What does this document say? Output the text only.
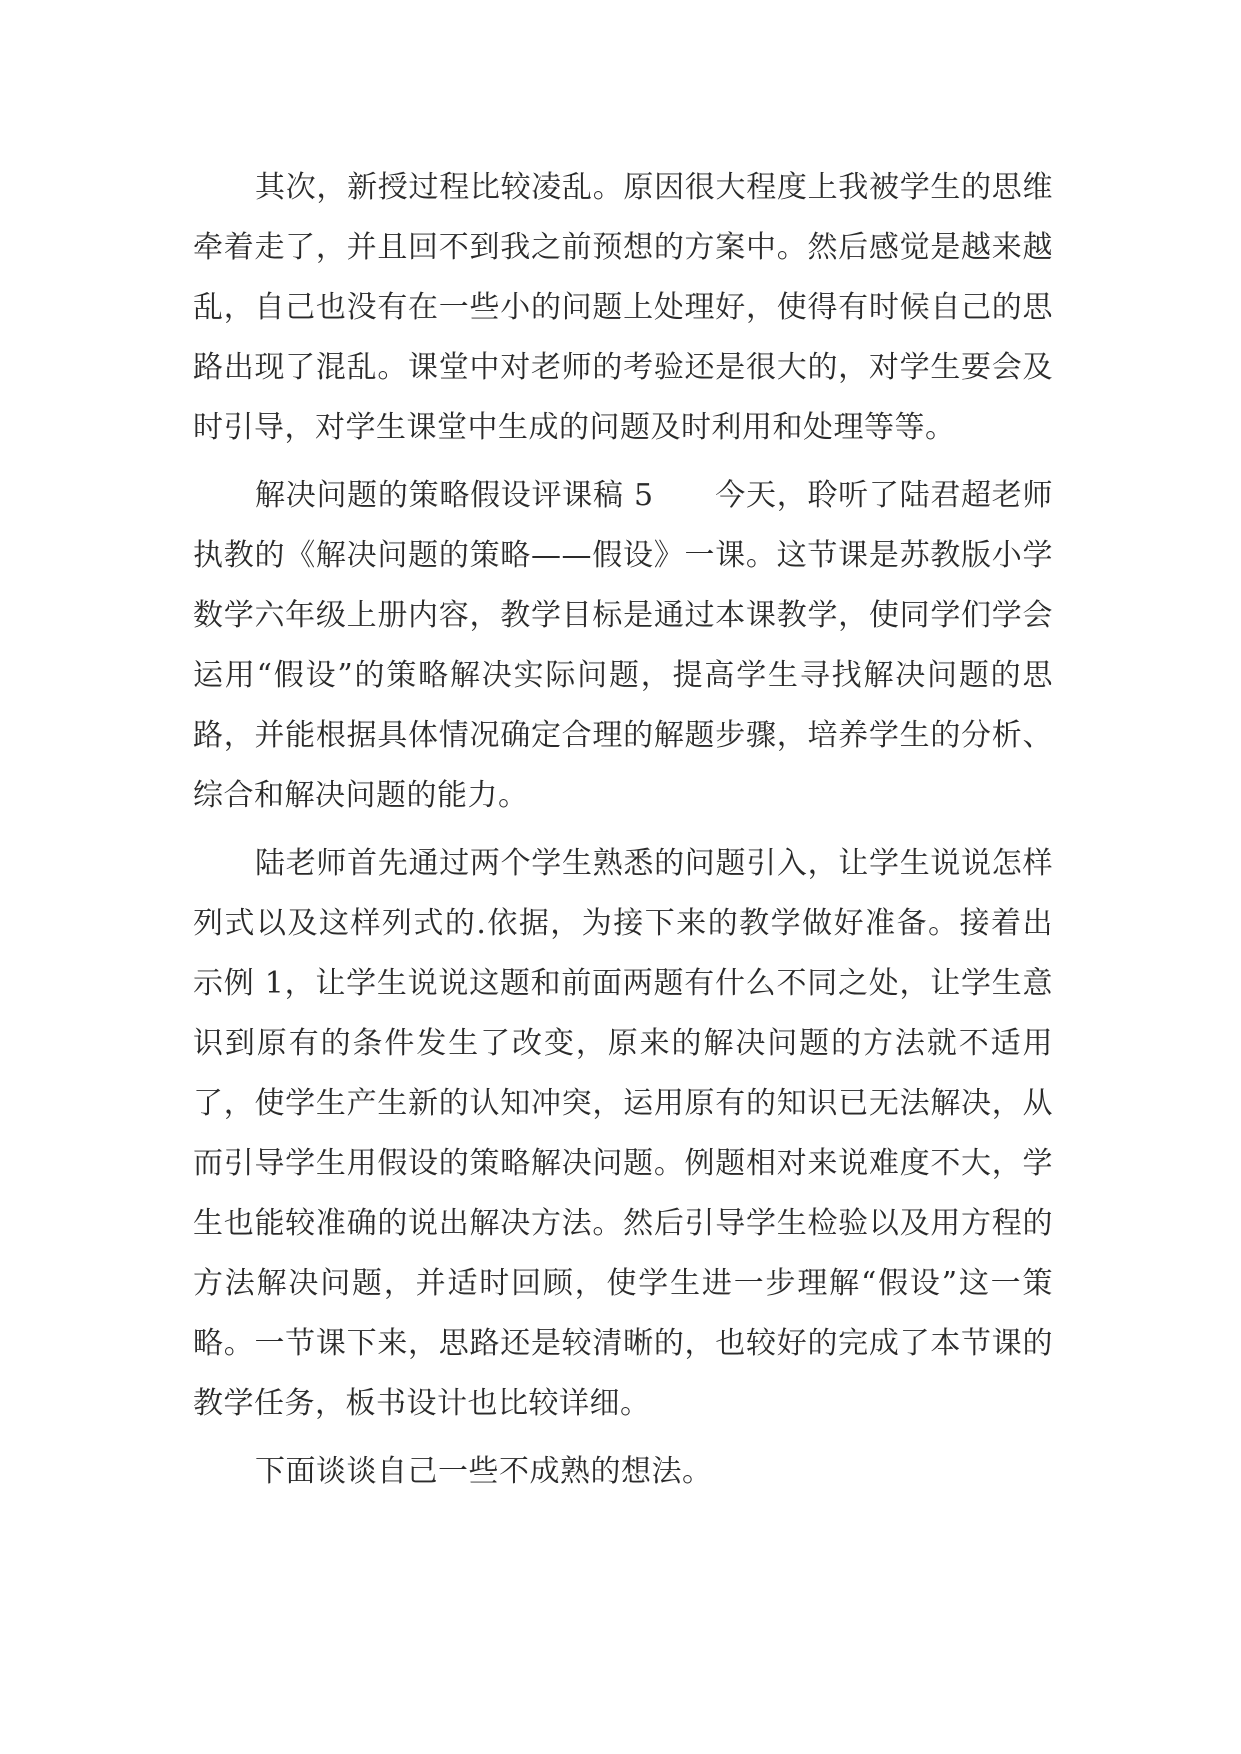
其次，新授过程比较凌乱。原因很大程度上我被学生的思维牵着走了，并且回不到我之前预想的方案中。然后感觉是越来越乱，自己也没有在一些小的问题上处理好，使得有时候自己的思路出现了混乱。课堂中对老师的考验还是很大的，对学生要会及时引导，对学生课堂中生成的问题及时利用和处理等等。

解决问题的策略假设评课稿 5　　今天，聆听了陆君超老师执教的《解决问题的策略——假设》一课。这节课是苏教版小学数学六年级上册内容，教学目标是通过本课教学，使同学们学会运用“假设”的策略解决实际问题，提高学生寻找解决问题的思路，并能根据具体情况确定合理的解题步骤，培养学生的分析、综合和解决问题的能力。

陆老师首先通过两个学生熟悉的问题引入，让学生说说怎样列式以及这样列式的.依据，为接下来的教学做好准备。接着出示例 1，让学生说说这题和前面两题有什么不同之处，让学生意识到原有的条件发生了改变，原来的解决问题的方法就不适用了，使学生产生新的认知冲突，运用原有的知识已无法解决，从而引导学生用假设的策略解决问题。例题相对来说难度不大，学生也能较准确的说出解决方法。然后引导学生检验以及用方程的方法解决问题，并适时回顾，使学生进一步理解“假设”这一策略。一节课下来，思路还是较清晰的，也较好的完成了本节课的教学任务，板书设计也比较详细。

下面谈谈自己一些不成熟的想法。
